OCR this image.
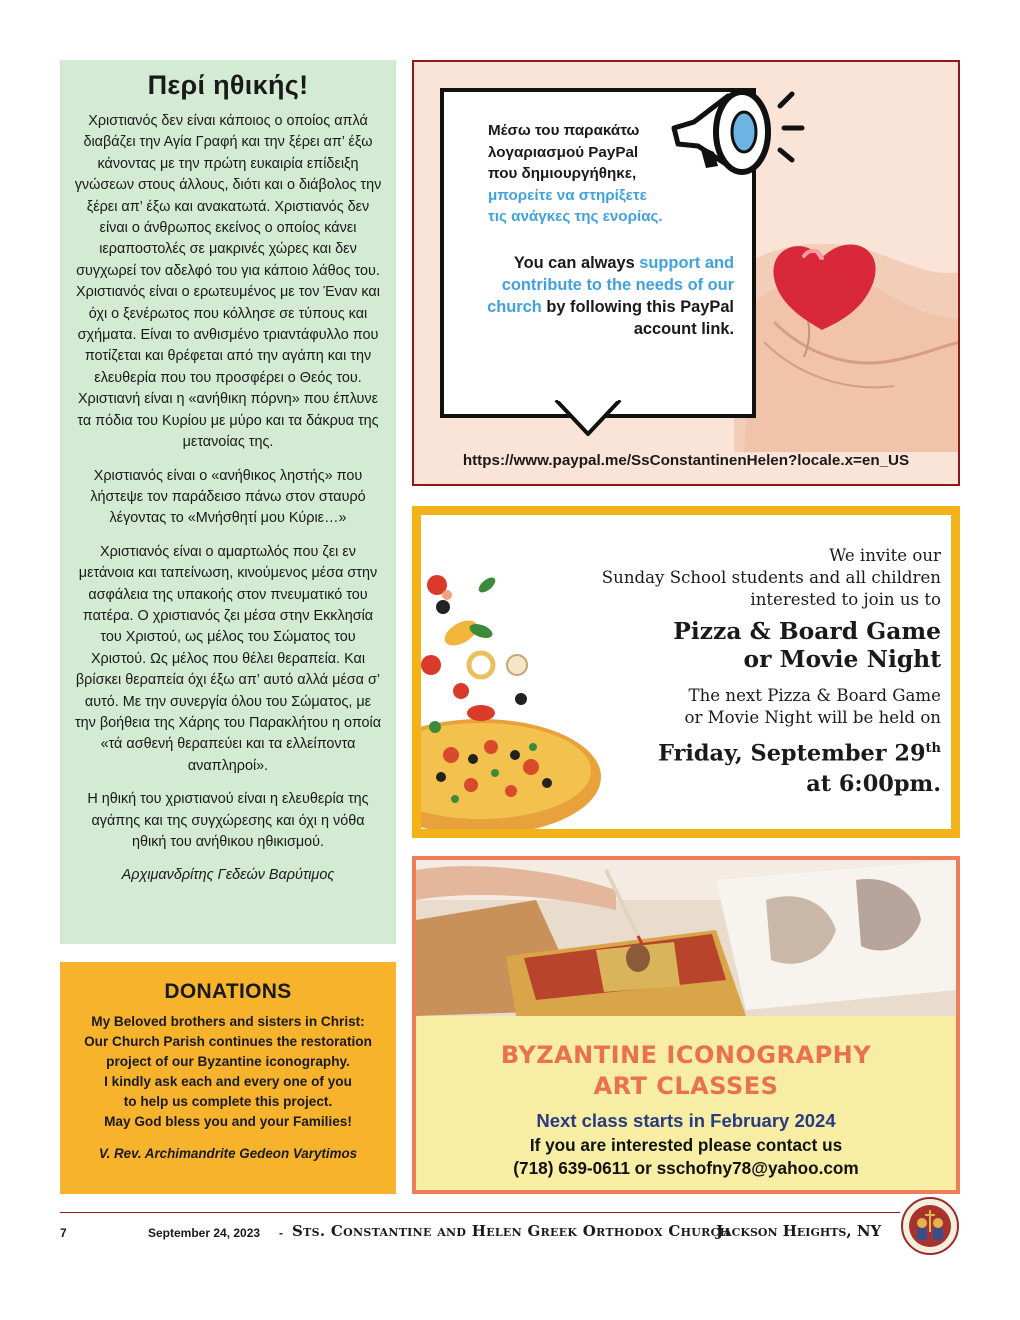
Περί ηθικής!

Χριστιανός δεν είναι κάποιος ο οποίος απλά διαβάζει την Αγία Γραφή και την ξέρει απ’ έξω κάνοντας με την πρώτη ευκαιρία επίδειξη γνώσεων στους άλλους, διότι και ο διάβολος την ξέρει απ’ έξω και ανακατωτά. Χριστιανός δεν είναι ο άνθρωπος εκείνος ο οποίος κάνει ιεραποστολές σε μακρινές χώρες και δεν συγχωρεί τον αδελφό του για κάποιο λάθος του. Χριστιανός είναι ο ερωτευμένος με τον Έναν και όχι ο ξενέρωτος που κόλλησε σε τύπους και σχήματα. Είναι το ανθισμένο τριαντάφυλλο που ποτίζεται και θρέφεται από την αγάπη και την ελευθερία που του προσφέρει ο Θεός του. Χριστιανή είναι η «ανήθικη πόρνη» που έπλυνε τα πόδια του Κυρίου με μύρο και τα δάκρυα της μετανοίας της.

Χριστιανός είναι ο «ανήθικος ληστής» που λήστεψε τον παράδεισο πάνω στον σταυρό λέγοντας το «Μνήσθητί μου Κύριε…»

Χριστιανός είναι ο αμαρτωλός που ζει εν μετάνοια και ταπείνωση, κινούμενος μέσα στην ασφάλεια της υπακοής στον πνευματικό του πατέρα. Ο χριστιανός ζει μέσα στην Εκκλησία του Χριστού, ως μέλος του Σώματος του Χριστού. Ως μέλος που θέλει θεραπεία. Και βρίσκει θεραπεία όχι έξω απ’ αυτό αλλά μέσα σ’ αυτό. Με την συνεργία όλου του Σώματος, με την βοήθεια της Χάρης του Παρακλήτου η οποία «τά ασθενή θεραπεύει και τα ελλείποντα αναπληροί».

Η ηθική του χριστιανού είναι η ελευθερία της αγάπης και της συγχώρεσης και όχι η νόθα ηθική του ανήθικου ηθικισμού.

Αρχιμανδρίτης Γεδεών Βαρύτιμος

DONATIONS
My Beloved brothers and sisters in Christ:
Our Church Parish continues the restoration
project of our Byzantine iconography.
I kindly ask each and every one of you
to help us complete this project.
May God bless you and your Families!
V. Rev. Archimandrite Gedeon Varytimos
Μέσω του παρακάτω
λογαριασμού PayPal
που δημιουργήθηκε,
μπορείτε να στηρίξετε
τις ανάγκες της ενορίας.
You can always support and contribute to the needs of our church by following this PayPal account link.
https://www.paypal.me/SsConstantinenHelen?locale.x=en_US
We invite our
Sunday School students and all children
interested to join us to
Pizza & Board Game
or Movie Night
The next Pizza & Board Game
or Movie Night will be held on
Friday, September 29th
at 6:00pm.
BYZANTINE ICONOGRAPHY
ART CLASSES
Next class starts in February 2024
If you are interested please contact us
(718) 639-0611 or sschofny78@yahoo.com
7	September 24, 2023 - Sts. Constantine and Helen Greek Orthodox Church
Jackson Heights, NY
